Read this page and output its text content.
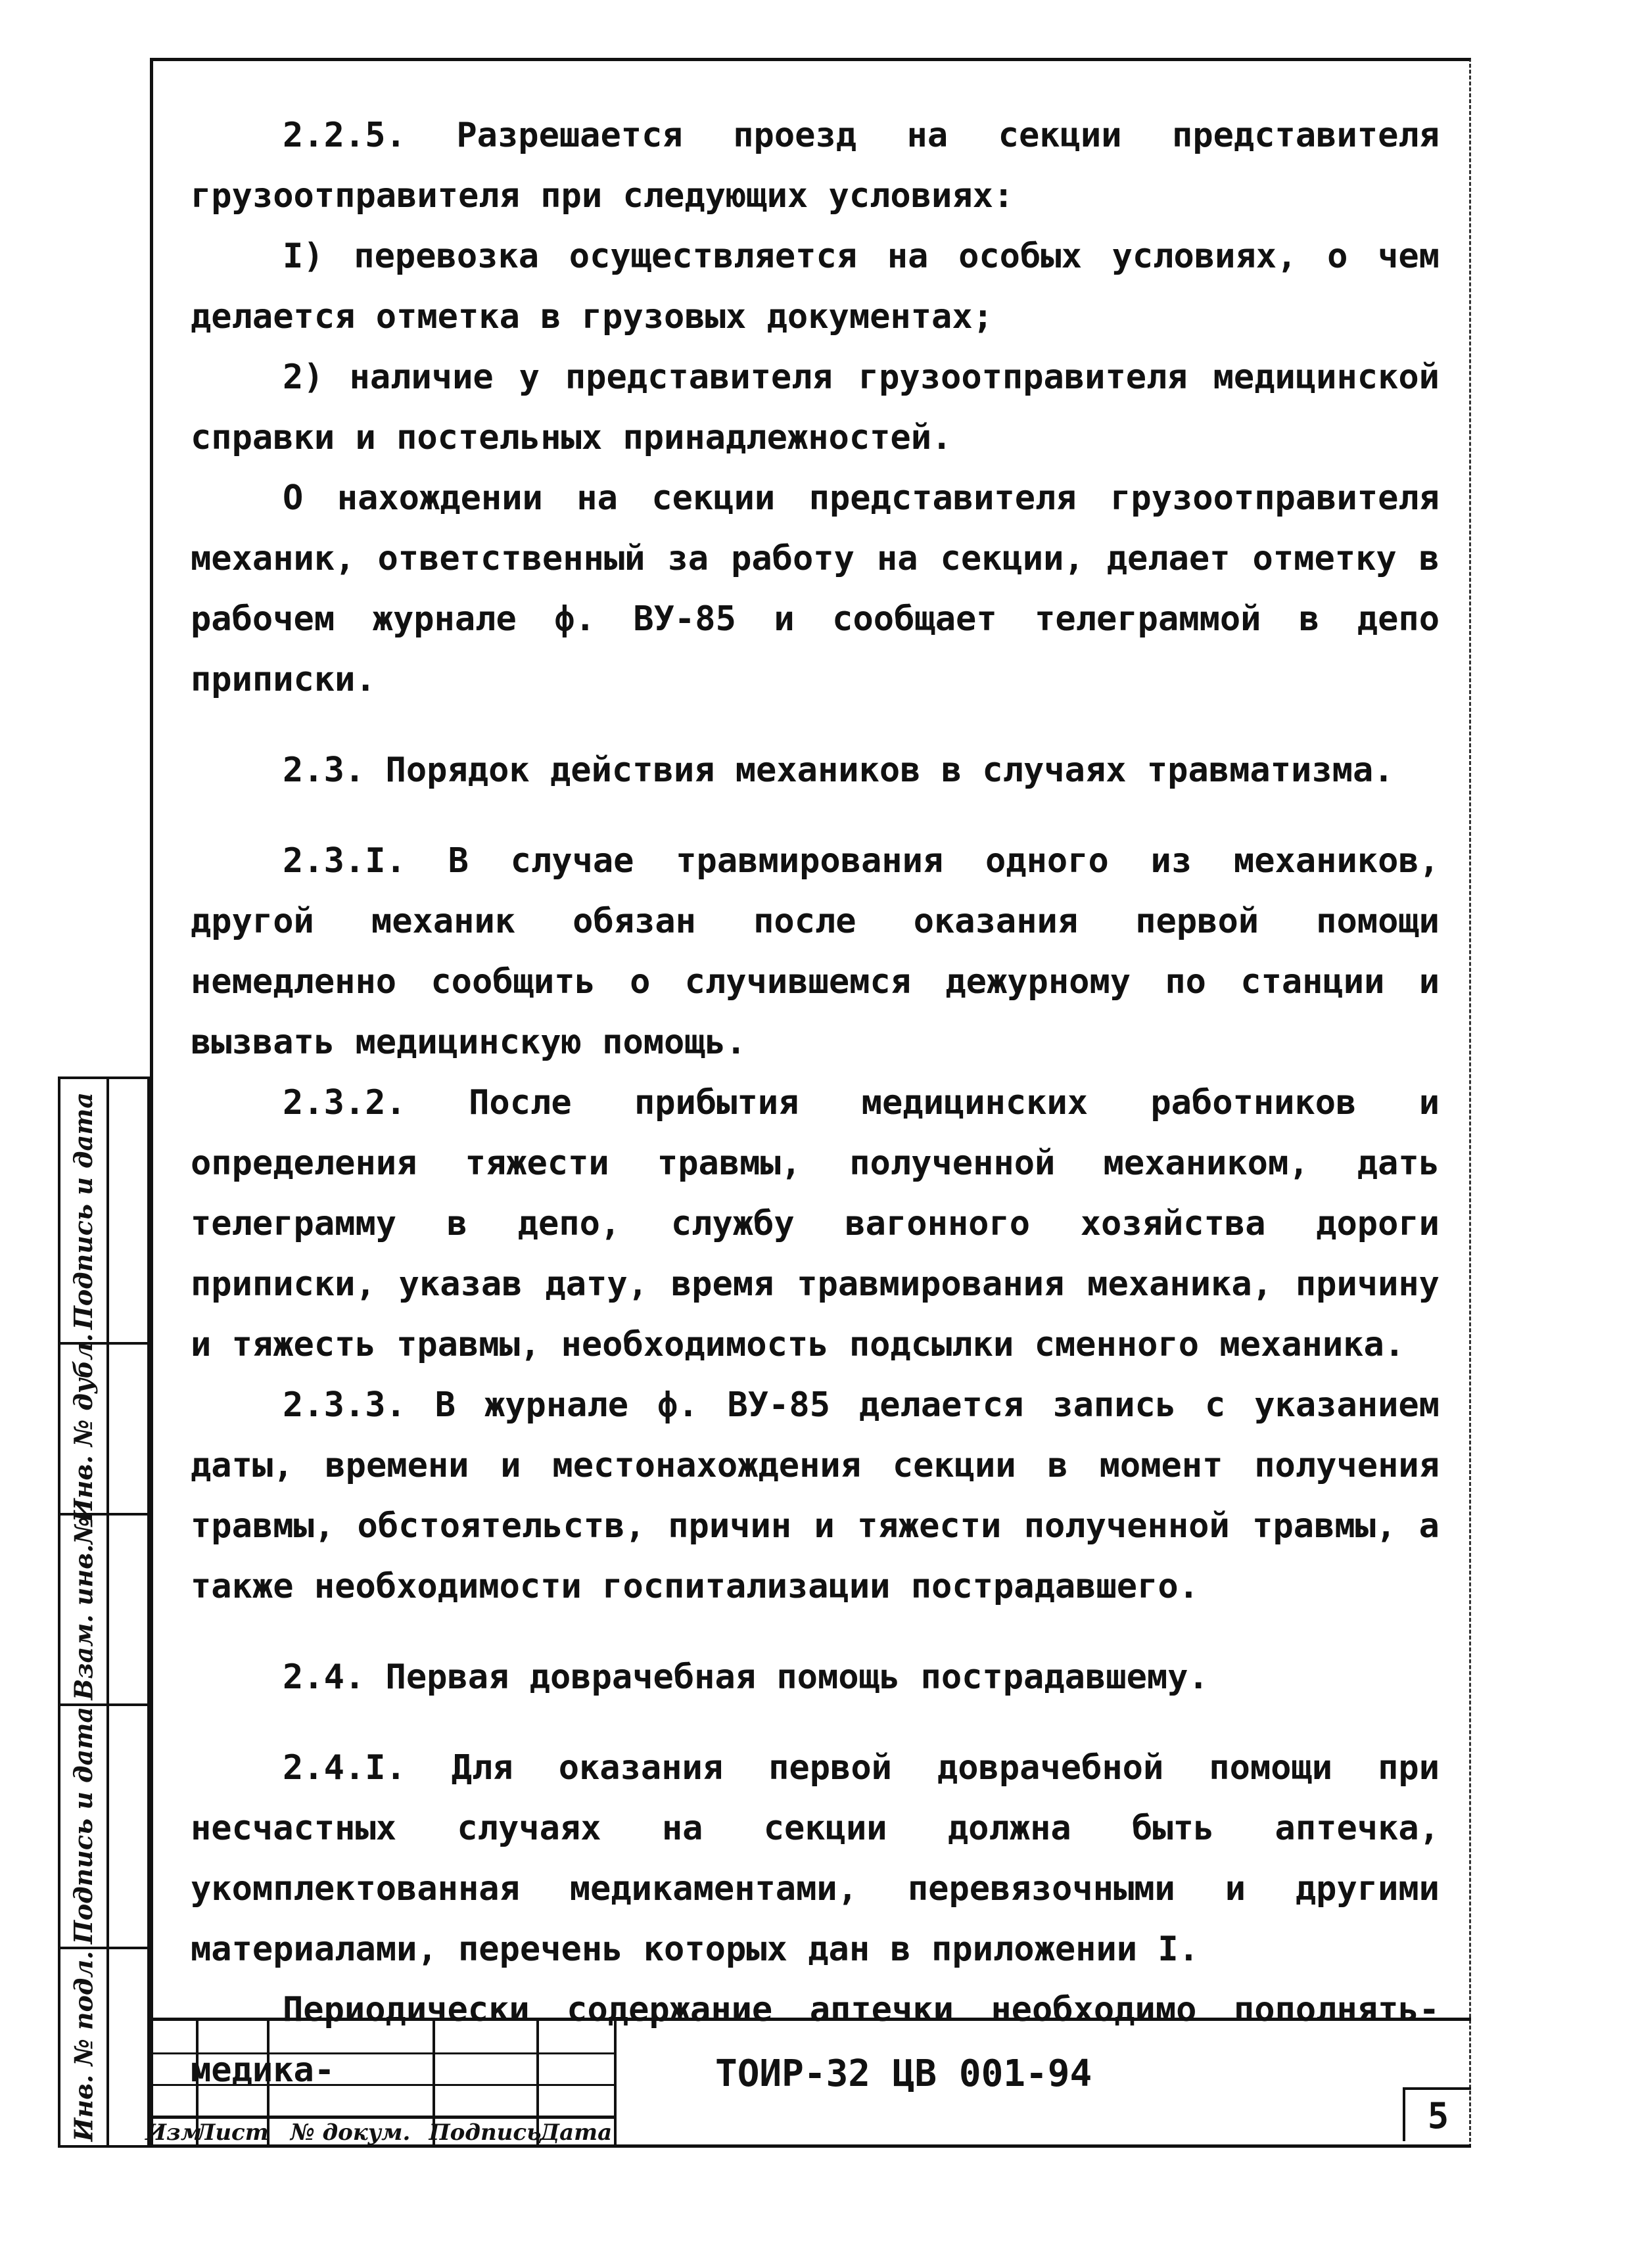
2.2.5. Разрешается проезд на секции представителя грузоотправителя при следующих условиях:

I) перевозка осуществляется на особых условиях, о чем делается отметка в грузовых документах;

2) наличие у представителя грузоотправителя медицинской справки и постельных принадлежностей.

О нахождении на секции представителя грузоотправителя механик, ответственный за работу на секции, делает отметку в рабочем журнале ф. ВУ-85 и сообщает телеграммой в депо приписки.

2.3. Порядок действия механиков в случаях травматизма.

2.3.I. В случае травмирования одного из механиков, другой механик обязан после оказания первой помощи немедленно сообщить о случившемся дежурному по станции и вызвать медицинскую помощь.

2.3.2. После прибытия медицинских работников и определения тяжести травмы, полученной механиком, дать телеграмму в депо, службу вагонного хозяйства дороги приписки, указав дату, время травмирования механика, причину и тяжесть травмы, необходимость подсылки сменного механика.

2.3.3. В журнале ф. ВУ-85 делается запись с указанием даты, времени и местонахождения секции в момент получения травмы, обстоятельств, причин и тяжести полученной травмы, а также необходимости госпитализации пострадавшего.

2.4. Первая доврачебная помощь пострадавшему.

2.4.I. Для оказания первой доврачебной помощи при несчастных случаях на секции должна быть аптечка, укомплектованная медикаментами, перевязочными и другими материалами, перечень которых дан в приложении I.

Периодически содержание аптечки необходимо пополнять-медика-

Подпись и дата
Инв. № дубл.
Взам. инв.№
Подпись и дата
Инв. № подл. Изм
Лист № докум. Подпись
Дата
ТОИР-32 ЦВ 001-94
5
